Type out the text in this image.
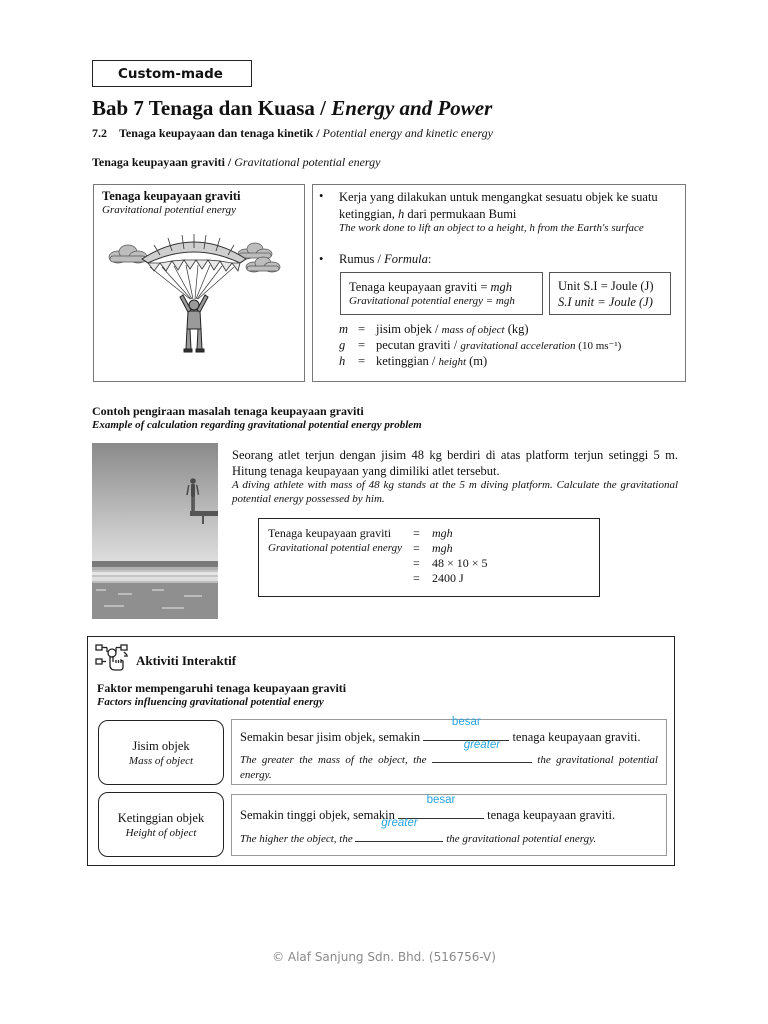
Custom-made
Bab 7 Tenaga dan Kuasa / Energy and Power
7.2 Tenaga keupayaan dan tenaga kinetik / Potential energy and kinetic energy
Tenaga keupayaan graviti / Gravitational potential energy
Tenaga keupayaan graviti
Gravitational potential energy
• Kerja yang dilakukan untuk mengangkat sesuatu objek ke suatu
ketinggian, h dari permukaan Bumi
The work done to lift an object to a height, h from the Earth's surface
• Rumus / Formula:
Tenaga keupayaan graviti = mgh
Gravitational potential energy = mgh
Unit S.I = Joule (J)
S.I unit = Joule (J)
m = jisim objek / mass of object (kg)
g = pecutan graviti / gravitational acceleration (10 ms⁻¹)
h = ketinggian / height (m)
Contoh pengiraan masalah tenaga keupayaan graviti
Example of calculation regarding gravitational potential energy problem
Seorang atlet terjun dengan jisim 48 kg berdiri di atas platform terjun setinggi 5 m. Hitung tenaga keupayaan yang dimiliki atlet tersebut.
A diving athlete with mass of 48 kg stands at the 5 m diving platform. Calculate the gravitational potential energy possessed by him.
Tenaga keupayaan graviti = mgh
Gravitational potential energy = mgh
= 48 × 10 × 5
= 2400 J
Aktiviti Interaktif
Faktor mempengaruhi tenaga keupayaan graviti
Factors influencing gravitational potential energy
Jisim objek
Mass of object
Semakin besar jisim objek, semakin
besar
tenaga keupayaan graviti.
The greater the mass of the object, the
greater
the gravitational potential energy.
Ketinggian objek
Height of object
Semakin tinggi objek, semakin
besar
tenaga keupayaan graviti.
The higher the object, the
greater
the gravitational potential energy.
© Alaf Sanjung Sdn. Bhd. (516756-V)
